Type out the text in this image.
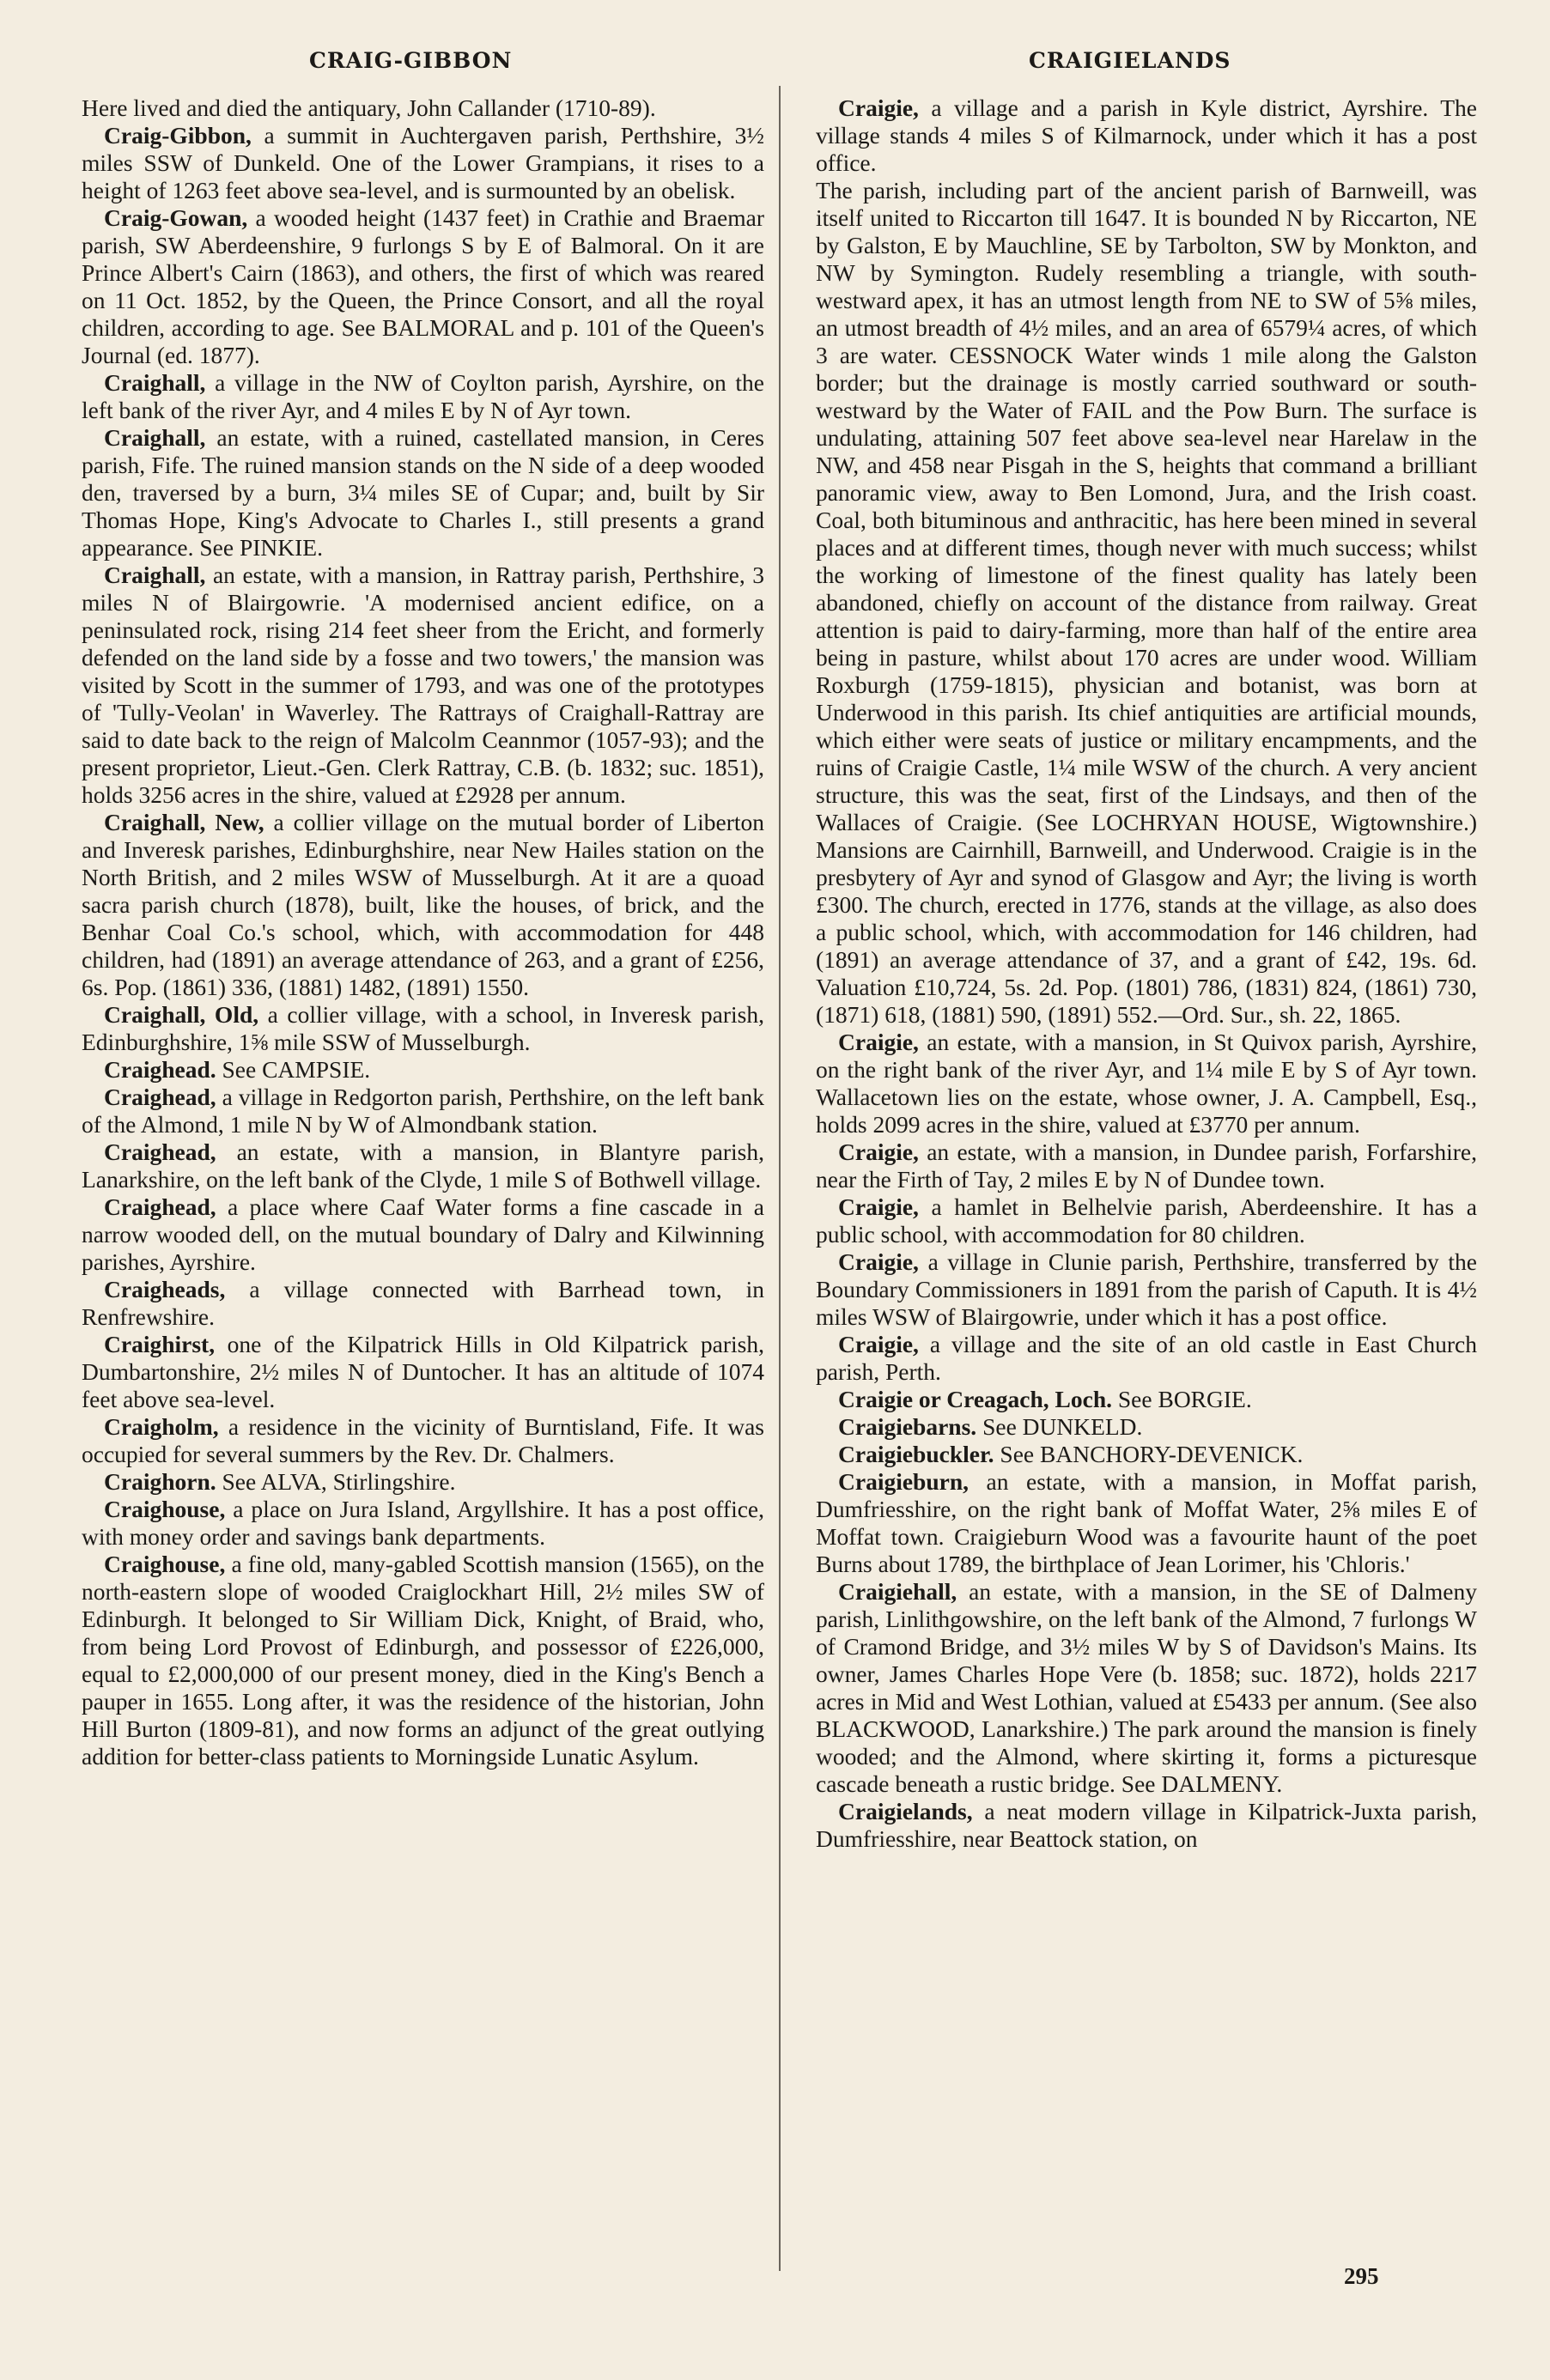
CRAIG-GIBBON	CRAIGIELANDS

Here lived and died the antiquary, John Callander (1710-89).

Craig-Gibbon, a summit in Auchtergaven parish, Perthshire, 3½ miles SSW of Dunkeld. One of the Lower Grampians, it rises to a height of 1263 feet above sea-level, and is surmounted by an obelisk.

Craig-Gowan, a wooded height (1437 feet) in Crathie and Braemar parish, SW Aberdeenshire, 9 furlongs S by E of Balmoral. On it are Prince Albert's Cairn (1863), and others, the first of which was reared on 11 Oct. 1852, by the Queen, the Prince Consort, and all the royal children, according to age. See BALMORAL and p. 101 of the Queen's Journal (ed. 1877).

Craighall, a village in the NW of Coylton parish, Ayrshire, on the left bank of the river Ayr, and 4 miles E by N of Ayr town.

Craighall, an estate, with a ruined, castellated mansion, in Ceres parish, Fife. The ruined mansion stands on the N side of a deep wooded den, traversed by a burn, 3¼ miles SE of Cupar; and, built by Sir Thomas Hope, King's Advocate to Charles I., still presents a grand appearance. See PINKIE.

Craighall, an estate, with a mansion, in Rattray parish, Perthshire, 3 miles N of Blairgowrie. 'A modernised ancient edifice, on a peninsulated rock, rising 214 feet sheer from the Ericht, and formerly defended on the land side by a fosse and two towers,' the mansion was visited by Scott in the summer of 1793, and was one of the prototypes of 'Tully-Veolan' in Waverley. The Rattrays of Craighall-Rattray are said to date back to the reign of Malcolm Ceannmor (1057-93); and the present proprietor, Lieut.-Gen. Clerk Rattray, C.B. (b. 1832; suc. 1851), holds 3256 acres in the shire, valued at £2928 per annum.

Craighall, New, a collier village on the mutual border of Liberton and Inveresk parishes, Edinburghshire, near New Hailes station on the North British, and 2 miles WSW of Musselburgh. At it are a quoad sacra parish church (1878), built, like the houses, of brick, and the Benhar Coal Co.'s school, which, with accommodation for 448 children, had (1891) an average attendance of 263, and a grant of £256, 6s. Pop. (1861) 336, (1881) 1482, (1891) 1550.

Craighall, Old, a collier village, with a school, in Inveresk parish, Edinburghshire, 1⅝ mile SSW of Musselburgh.

Craighead. See CAMPSIE.

Craighead, a village in Redgorton parish, Perthshire, on the left bank of the Almond, 1 mile N by W of Almondbank station.

Craighead, an estate, with a mansion, in Blantyre parish, Lanarkshire, on the left bank of the Clyde, 1 mile S of Bothwell village.

Craighead, a place where Caaf Water forms a fine cascade in a narrow wooded dell, on the mutual boundary of Dalry and Kilwinning parishes, Ayrshire.

Craigheads, a village connected with Barrhead town, in Renfrewshire.

Craighirst, one of the Kilpatrick Hills in Old Kilpatrick parish, Dumbartonshire, 2½ miles N of Duntocher. It has an altitude of 1074 feet above sea-level.

Craigholm, a residence in the vicinity of Burntisland, Fife. It was occupied for several summers by the Rev. Dr. Chalmers.

Craighorn. See ALVA, Stirlingshire.

Craighouse, a place on Jura Island, Argyllshire. It has a post office, with money order and savings bank departments.

Craighouse, a fine old, many-gabled Scottish mansion (1565), on the north-eastern slope of wooded Craiglockhart Hill, 2½ miles SW of Edinburgh. It belonged to Sir William Dick, Knight, of Braid, who, from being Lord Provost of Edinburgh, and possessor of £226,000, equal to £2,000,000 of our present money, died in the King's Bench a pauper in 1655. Long after, it was the residence of the historian, John Hill Burton (1809-81), and now forms an adjunct of the great outlying addition for better-class patients to Morningside Lunatic Asylum.

Craigie, a village and a parish in Kyle district, Ayrshire. The village stands 4 miles S of Kilmarnock, under which it has a post office.

The parish, including part of the ancient parish of Barnweill, was itself united to Riccarton till 1647. It is bounded N by Riccarton, NE by Galston, E by Mauchline, SE by Tarbolton, SW by Monkton, and NW by Symington. Rudely resembling a triangle, with south-westward apex, it has an utmost length from NE to SW of 5⅝ miles, an utmost breadth of 4½ miles, and an area of 6579¼ acres, of which 3 are water. CESSNOCK Water winds 1 mile along the Galston border; but the drainage is mostly carried southward or south-westward by the Water of FAIL and the Pow Burn. The surface is undulating, attaining 507 feet above sea-level near Harelaw in the NW, and 458 near Pisgah in the S, heights that command a brilliant panoramic view, away to Ben Lomond, Jura, and the Irish coast. Coal, both bituminous and anthracitic, has here been mined in several places and at different times, though never with much success; whilst the working of limestone of the finest quality has lately been abandoned, chiefly on account of the distance from railway. Great attention is paid to dairy-farming, more than half of the entire area being in pasture, whilst about 170 acres are under wood. William Roxburgh (1759-1815), physician and botanist, was born at Underwood in this parish. Its chief antiquities are artificial mounds, which either were seats of justice or military encampments, and the ruins of Craigie Castle, 1¼ mile WSW of the church. A very ancient structure, this was the seat, first of the Lindsays, and then of the Wallaces of Craigie. (See LOCHRYAN HOUSE, Wigtownshire.) Mansions are Cairnhill, Barnweill, and Underwood. Craigie is in the presbytery of Ayr and synod of Glasgow and Ayr; the living is worth £300. The church, erected in 1776, stands at the village, as also does a public school, which, with accommodation for 146 children, had (1891) an average attendance of 37, and a grant of £42, 19s. 6d. Valuation £10,724, 5s. 2d. Pop. (1801) 786, (1831) 824, (1861) 730, (1871) 618, (1881) 590, (1891) 552.—Ord. Sur., sh. 22, 1865.

Craigie, an estate, with a mansion, in St Quivox parish, Ayrshire, on the right bank of the river Ayr, and 1¼ mile E by S of Ayr town. Wallacetown lies on the estate, whose owner, J. A. Campbell, Esq., holds 2099 acres in the shire, valued at £3770 per annum.

Craigie, an estate, with a mansion, in Dundee parish, Forfarshire, near the Firth of Tay, 2 miles E by N of Dundee town.

Craigie, a hamlet in Belhelvie parish, Aberdeenshire. It has a public school, with accommodation for 80 children.

Craigie, a village in Clunie parish, Perthshire, transferred by the Boundary Commissioners in 1891 from the parish of Caputh. It is 4½ miles WSW of Blairgowrie, under which it has a post office.

Craigie, a village and the site of an old castle in East Church parish, Perth.

Craigie or Creagach, Loch. See BORGIE.

Craigiebarns. See DUNKELD.

Craigiebuckler. See BANCHORY-DEVENICK.

Craigieburn, an estate, with a mansion, in Moffat parish, Dumfriesshire, on the right bank of Moffat Water, 2⅝ miles E of Moffat town. Craigieburn Wood was a favourite haunt of the poet Burns about 1789, the birthplace of Jean Lorimer, his 'Chloris.'

Craigiehall, an estate, with a mansion, in the SE of Dalmeny parish, Linlithgowshire, on the left bank of the Almond, 7 furlongs W of Cramond Bridge, and 3½ miles W by S of Davidson's Mains. Its owner, James Charles Hope Vere (b. 1858; suc. 1872), holds 2217 acres in Mid and West Lothian, valued at £5433 per annum. (See also BLACKWOOD, Lanarkshire.) The park around the mansion is finely wooded; and the Almond, where skirting it, forms a picturesque cascade beneath a rustic bridge. See DALMENY.

Craigielands, a neat modern village in Kilpatrick-Juxta parish, Dumfriesshire, near Beattock station, on

295
